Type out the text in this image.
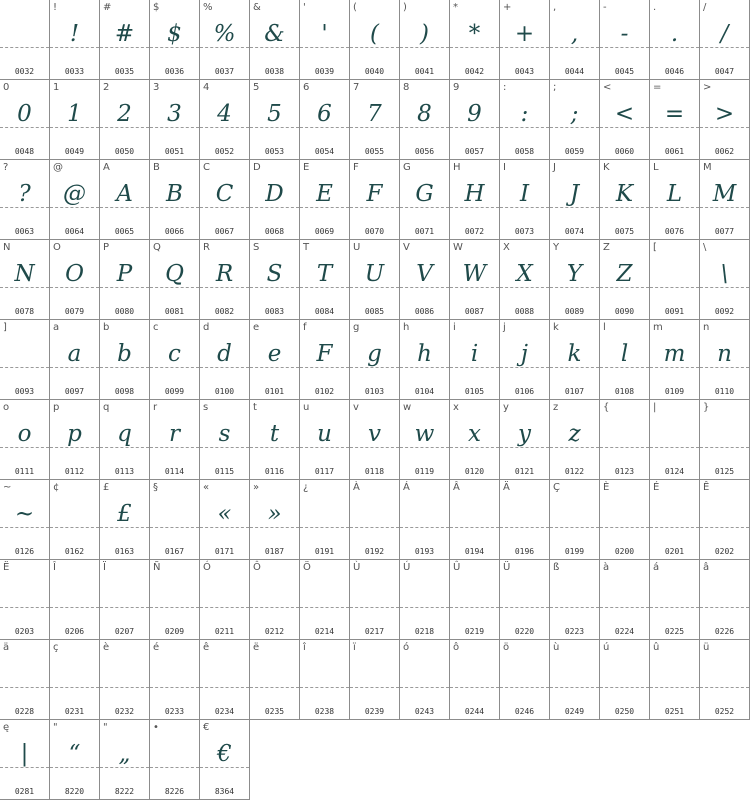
0032
!
!
0033
#
#
0035
$
$
0036
%
%
0037
&
&
0038
'
'
0039
(
(
0040
)
)
0041
*
*
0042
+
+
0043
,
,
0044
-
-
0045
.
.
0046
/
/
0047
0
0
0048
1
1
0049
2
2
0050
3
3
0051
4
4
0052
5
5
0053
6
6
0054
7
7
0055
8
8
0056
9
9
0057
:
:
0058
;
;
0059
<
<
0060
=
=
0061
>
>
0062
?
?
0063
@
@
0064
A
A
0065
B
B
0066
C
C
0067
D
D
0068
E
E
0069
F
F
0070
G
G
0071
H
H
0072
I
I
0073
J
J
0074
K
K
0075
L
L
0076
M
M
0077
N
N
0078
O
O
0079
P
P
0080
Q
Q
0081
R
R
0082
S
S
0083
T
T
0084
U
U
0085
V
V
0086
W
W
0087
X
X
0088
Y
Y
0089
Z
Z
0090
[
0091
\
\
0092
]
0093
a
a
0097
b
b
0098
c
c
0099
d
d
0100
e
e
0101
f
F
0102
g
g
0103
h
h
0104
i
i
0105
j
j
0106
k
k
0107
l
l
0108
m
m
0109
n
n
0110
o
o
0111
p
p
0112
q
q
0113
r
r
0114
s
s
0115
t
t
0116
u
u
0117
v
v
0118
w
w
0119
x
x
0120
y
y
0121
z
z
0122
{
0123
|
0124
}
0125
~
~
0126
¢
0162
£
£
0163
§
0167
«
«
0171
»
»
0187
¿
0191
À
0192
Á
0193
Â
0194
Ä
0196
Ç
0199
È
0200
É
0201
Ê
0202
Ë
0203
Î
0206
Ï
0207
Ñ
0209
Ó
0211
Ô
0212
Ö
0214
Ù
0217
Ú
0218
Û
0219
Ü
0220
ß
0223
à
0224
á
0225
â
0226
ä
0228
ç
0231
è
0232
é
0233
ê
0234
ë
0235
î
0238
ï
0239
ó
0243
ô
0244
ö
0246
ù
0249
ú
0250
û
0251
ü
0252
ę
|
0281
"
“
8220
"
„
8222
•
8226
€
€
8364
